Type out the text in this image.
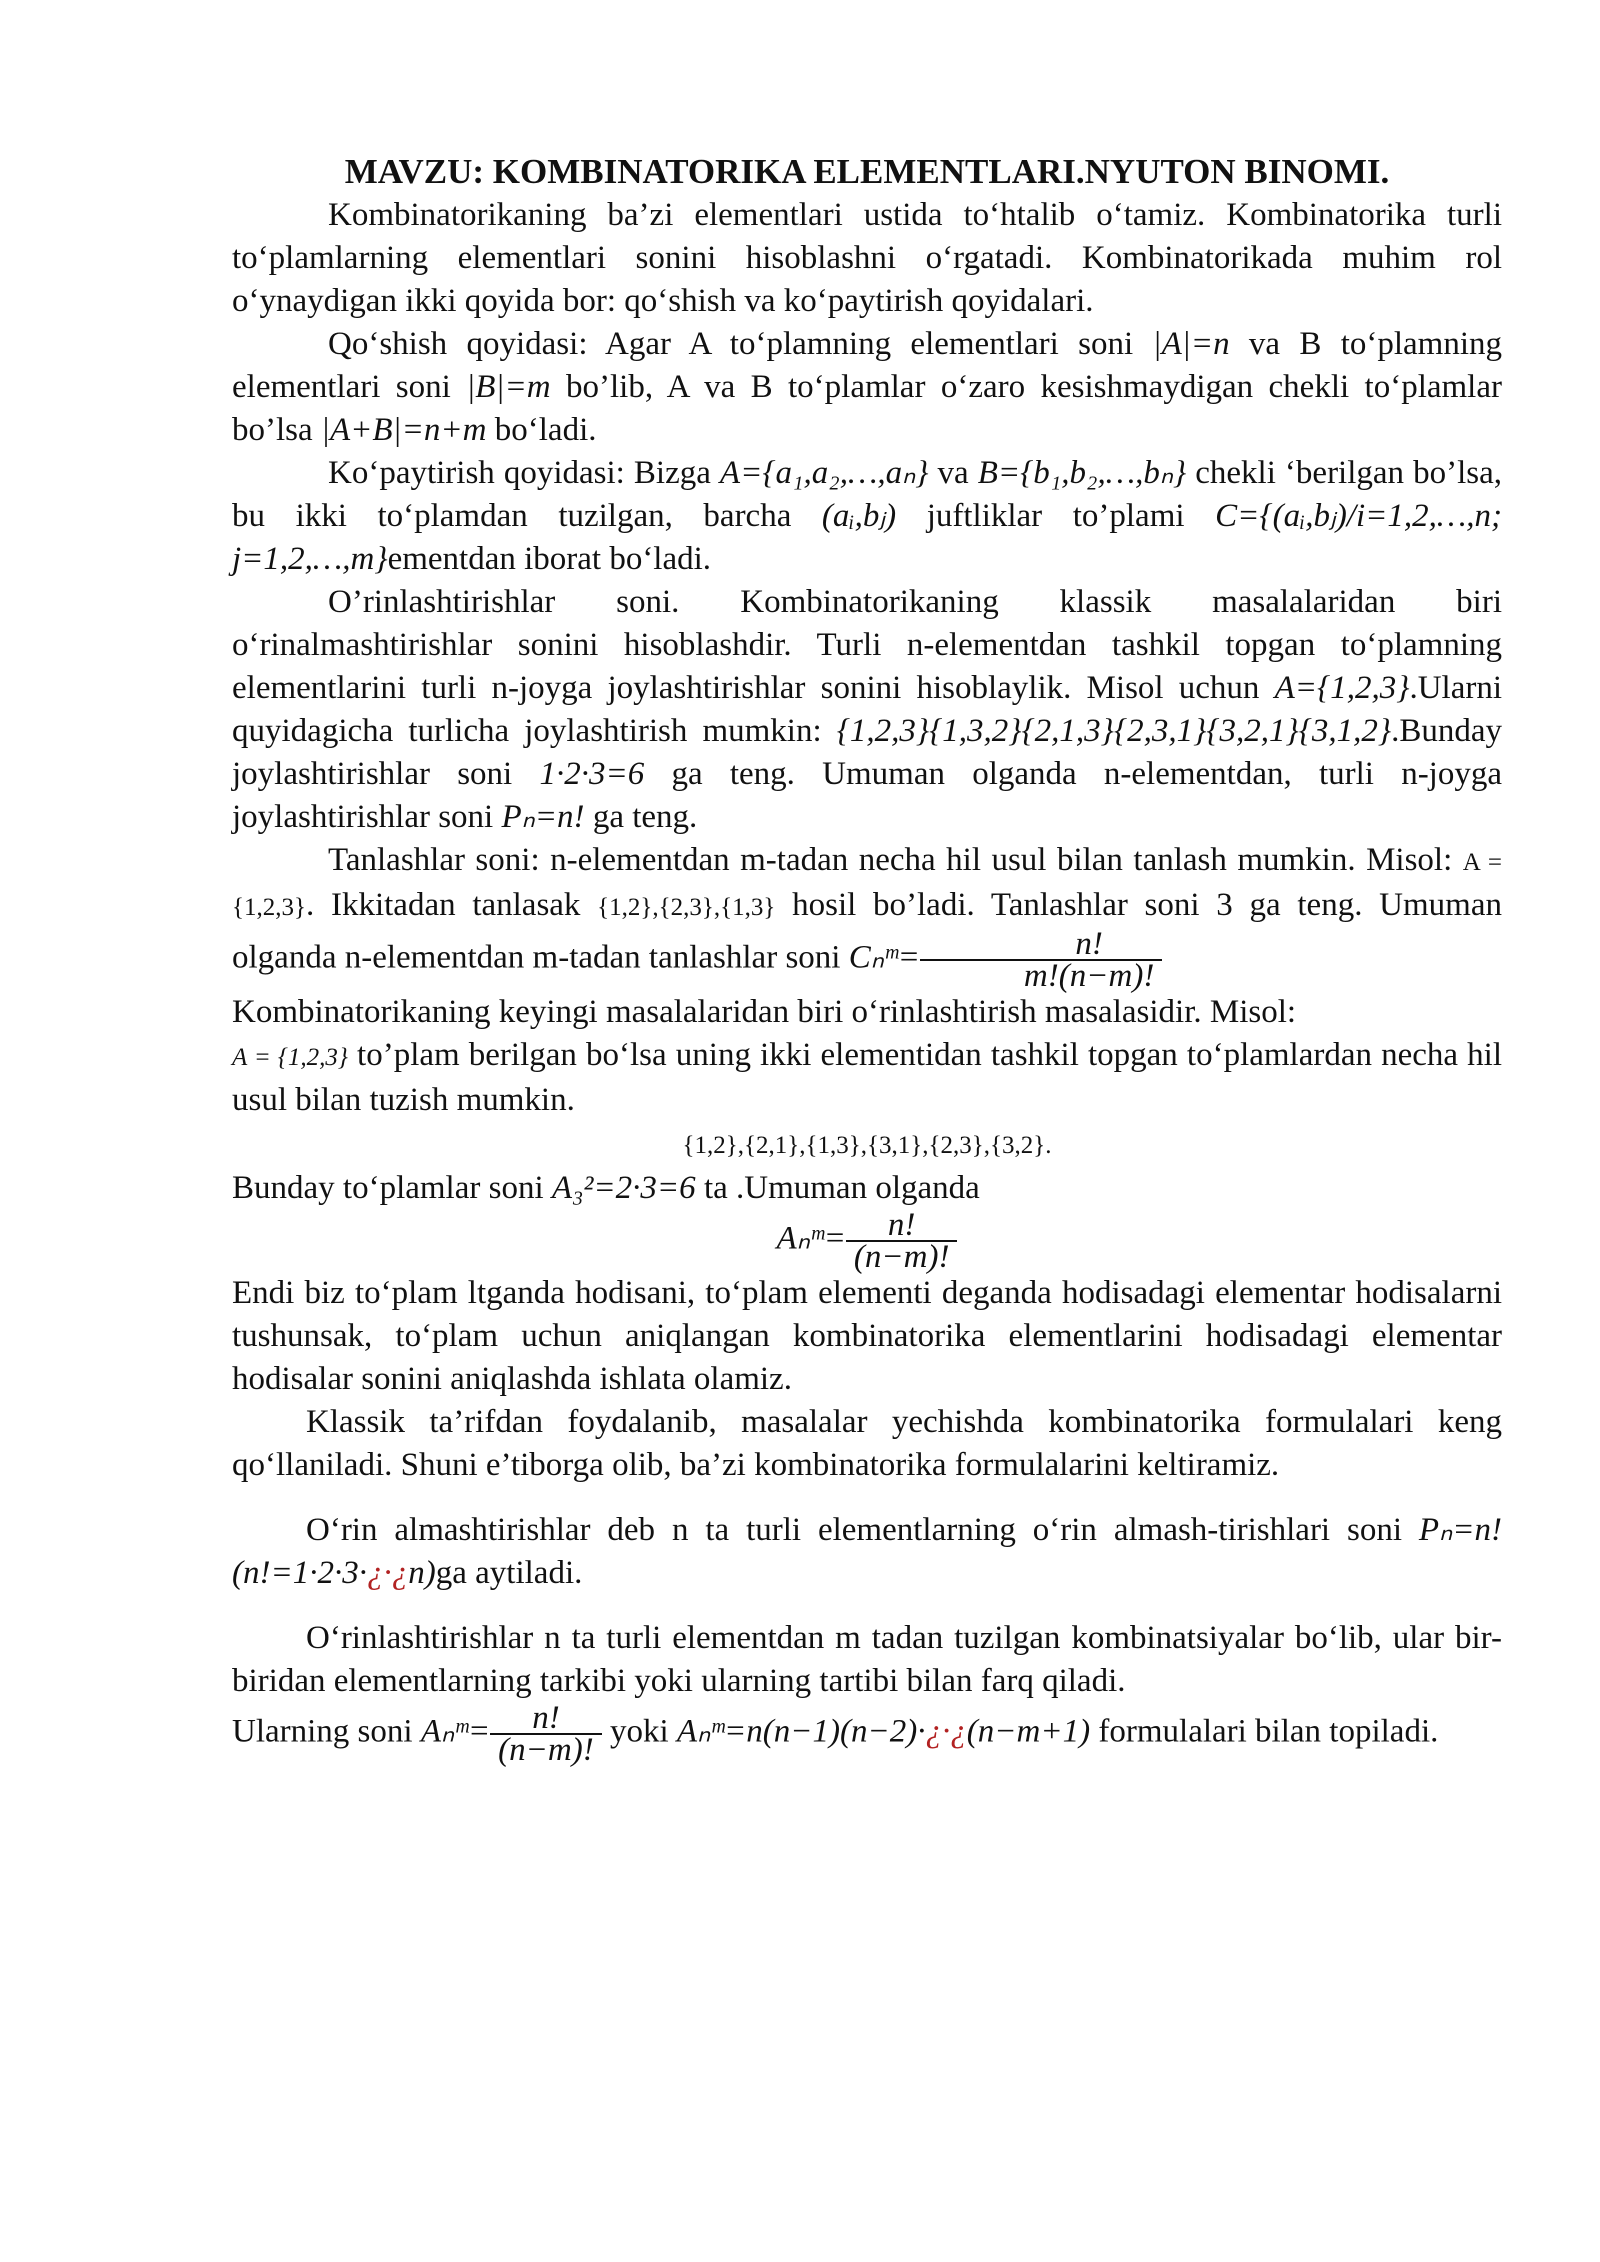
MAVZU: KOMBINATORIKA ELEMENTLARI.NYUTON BINOMI.

Kombinatorikaning ba’zi elementlari ustida to‘htalib o‘tamiz. Kombinatorika turli to‘plamlarning elementlari sonini hisoblashni o‘rgatadi. Kombinatorikada muhim rol o‘ynaydigan ikki qoyida bor: qo‘shish va ko‘paytirish qoyidalari.

Qo‘shish qoyidasi: Agar A to‘plamning elementlari soni |A|=n va B to‘plamning elementlari soni |B|=m bo’lib, A va B to‘plamlar o‘zaro kesishmaydigan chekli to‘plamlar bo’lsa |A+B|=n+m bo‘ladi.

Ko‘paytirish qoyidasi: Bizga A={a₁,a₂,…,aₙ} va B={b₁,b₂,…,bₙ} chekli ‘berilgan bo’lsa, bu ikki to‘plamdan tuzilgan, barcha (aᵢ,bⱼ) juftliklar to’plami C={(aᵢ,bⱼ)/i=1,2,…,n; j=1,2,…,m}ementdan iborat bo‘ladi.

O’rinlashtirishlar soni. Kombinatorikaning klassik masalalaridan biri o‘rinalmashtirishlar sonini hisoblashdir. Turli n-elementdan tashkil topgan to‘plamning elementlarini turli n-joyga joylashtirishlar sonini hisoblaylik. Misol uchun A={1,2,3}.Ularni quyidagicha turlicha joylashtirish mumkin: {1,2,3}{1,3,2}{2,1,3}{2,3,1}{3,2,1}{3,1,2}.Bunday joylashtirishlar soni 1·2·3=6 ga teng. Umuman olganda n-elementdan, turli n-joyga joylashtirishlar soni Pₙ=n! ga teng.

Tanlashlar soni: n-elementdan m-tadan necha hil usul bilan tanlash mumkin. Misol: A = {1,2,3}. Ikkitadan tanlasak {1,2},{2,3},{1,3} hosil bo’ladi. Tanlashlar soni 3 ga teng. Umuman olganda n-elementdan m-tadan tanlashlar soni Cₙᵐ= $\frac{n!}{m!(n-m)!}$

Kombinatorikaning keyingi masalalaridan biri o‘rinlashtirish masalasidir. Misol:

A = {1,2,3} to’plam berilgan bo‘lsa uning ikki elementidan tashkil topgan to‘plamlardan necha hil usul bilan tuzish mumkin.

{1,2},{2,1},{1,3},{3,1},{2,3},{3,2}.

Bunday to‘plamlar soni A₃²=2·3=6 ta .Umuman olganda

Aₙᵐ= $\frac{n!}{(n-m)!}$

Endi biz to‘plam ltganda hodisani, to‘plam elementi deganda hodisadagi elementar hodisalarni tushunsak, to‘plam uchun aniqlangan kombinatorika elementlarini hodisadagi elementar hodisalar sonini aniqlashda ishlata olamiz.

Klassik ta’rifdan foydalanib, masalalar yechishda kombinatorika formulalari keng qo‘llaniladi. Shuni e’tiborga olib, ba’zi kombinatorika formulalarini keltiramiz.

O‘rin almashtirishlar deb n ta turli elementlarning o‘rin almash-tirishlari soni Pₙ=n!(n!=1·2·3·¿·¿n)ga aytiladi.

O‘rinlashtirishlar n ta turli elementdan m tadan tuzilgan kombinatsiyalar bo‘lib, ular bir-biridan elementlarning tarkibi yoki ularning tartibi bilan farq qiladi.

Ularning soni Aₙᵐ= $\frac{n!}{(n-m)!}$ yoki Aₙᵐ=n(n−1)(n−2)·¿·¿(n−m+1) formulalari bilan topiladi.
